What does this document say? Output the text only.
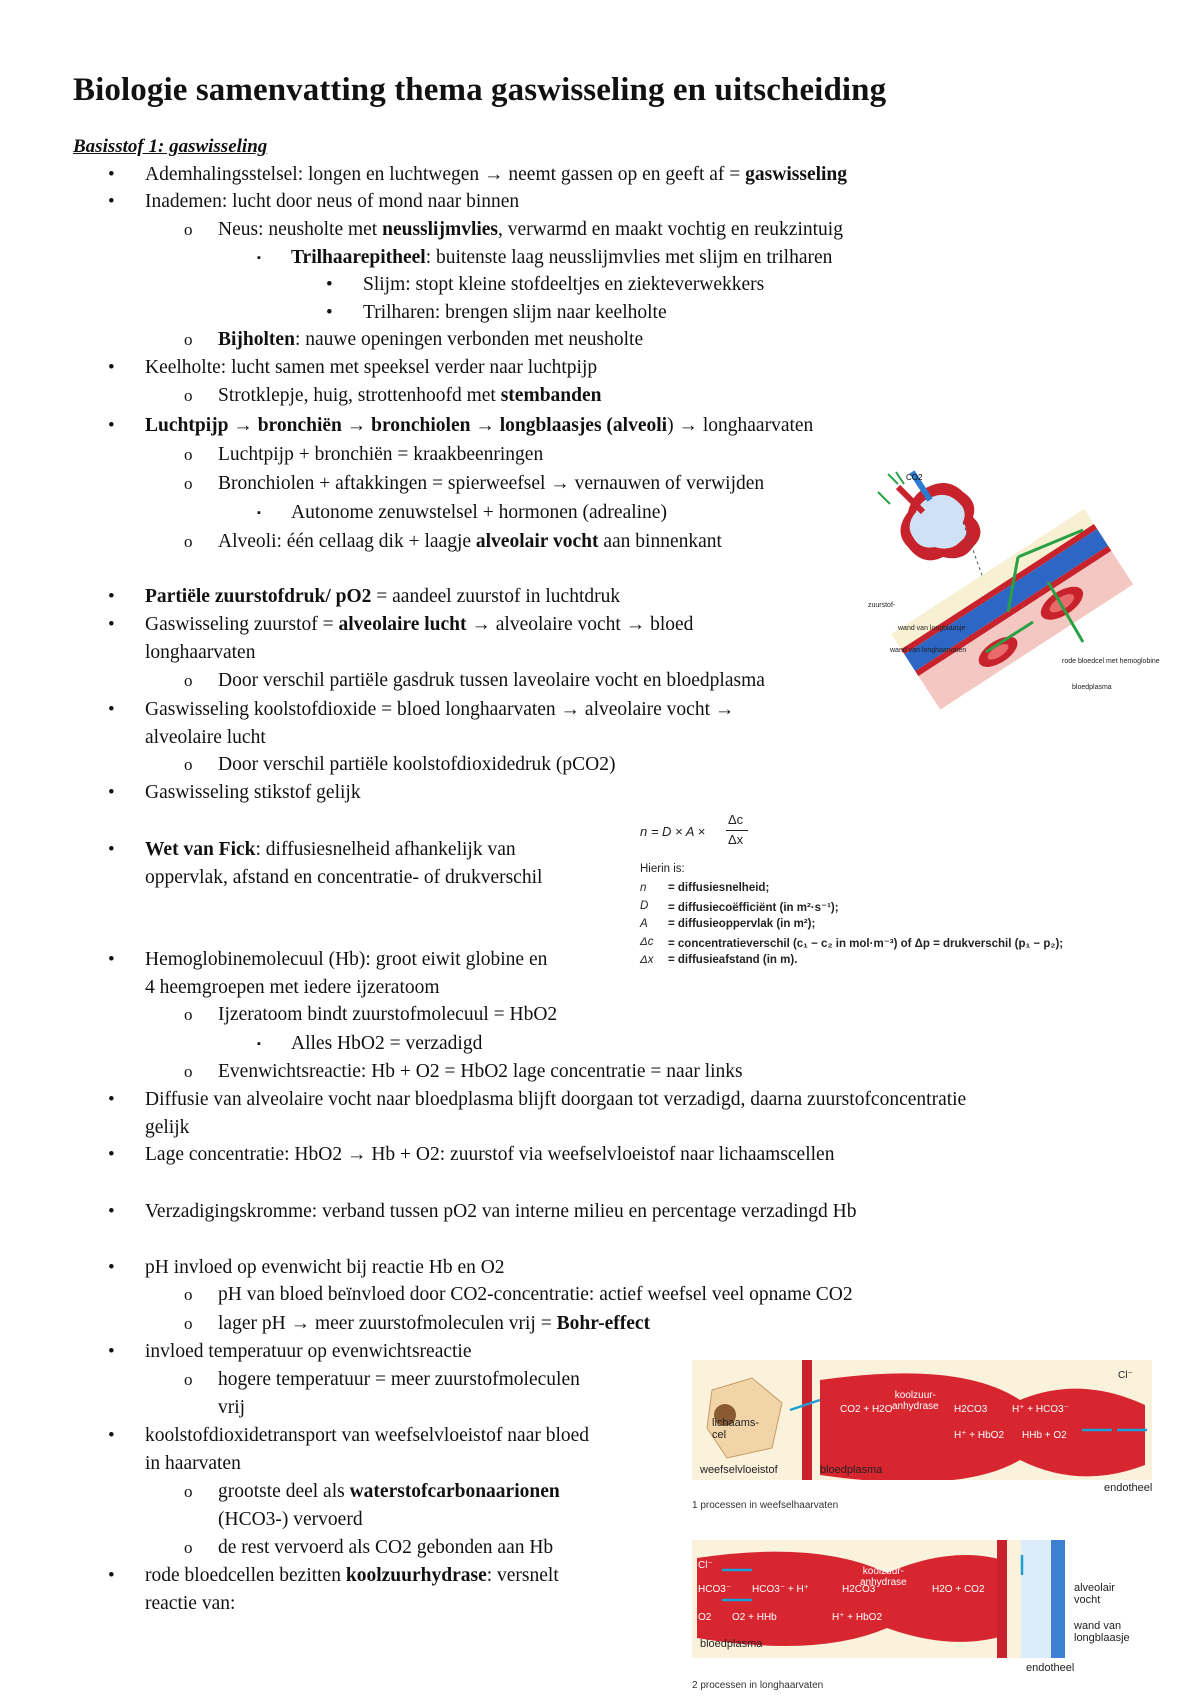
Biologie samenvatting thema gaswisseling en uitscheiding
Basisstof 1: gaswisseling
• Ademhalingsstelsel: longen en luchtwegen → neemt gassen op en geeft af = gaswisseling
• Inademen: lucht door neus of mond naar binnen
o Neus: neusholte met neusslijmvlies, verwarmd en maakt vochtig en reukzintuig
▪ Trilhaarepitheel: buitenste laag neusslijmvlies met slijm en trilharen
• Slijm: stopt kleine stofdeeltjes en ziekteverwekkers
• Trilharen: brengen slijm naar keelholte
o Bijholten: nauwe openingen verbonden met neusholte
• Keelholte: lucht samen met speeksel verder naar luchtpijp
o Strotklepje, huig, strottenhoofd met stembanden
• Luchtpijp → bronchiën → bronchiolen → longblaasjes (alveoli) → longhaarvaten
o Luchtpijp + bronchiën = kraakbeenringen
o Bronchiolen + aftakkingen = spierweefsel → vernauwen of verwijden
▪ Autonome zenuwstelsel + hormonen (adrealine)
o Alveoli: één cellaag dik + laagje alveolair vocht aan binnenkant
• Partiële zuurstofdruk/ pO2 = aandeel zuurstof in luchtdruk
• Gaswisseling zuurstof = alveolaire lucht → alveolaire vocht → bloed
longhaarvaten
o Door verschil partiële gasdruk tussen laveolaire vocht en bloedplasma
• Gaswisseling koolstofdioxide = bloed longhaarvaten → alveolaire vocht →
alveolaire lucht
o Door verschil partiële koolstofdioxidedruk (pCO2)
• Gaswisseling stikstof gelijk
• Wet van Fick: diffusiesnelheid afhankelijk van
oppervlak, afstand en concentratie- of drukverschil
• Hemoglobinemolecuul (Hb): groot eiwit globine en
4 heemgroepen met iedere ijzeratoom
o Ijzeratoom bindt zuurstofmolecuul = HbO2
▪ Alles HbO2 = verzadigd
o Evenwichtsreactie: Hb + O2 = HbO2 lage concentratie = naar links
• Diffusie van alveolaire vocht naar bloedplasma blijft doorgaan tot verzadigd, daarna zuurstofconcentratie
gelijk
• Lage concentratie: HbO2 → Hb + O2: zuurstof via weefselvloeistof naar lichaamscellen
• Verzadigingskromme: verband tussen pO2 van interne milieu en percentage verzadingd Hb
• pH invloed op evenwicht bij reactie Hb en O2
o pH van bloed beïnvloed door CO2-concentratie: actief weefsel veel opname CO2
o lager pH → meer zuurstofmoleculen vrij = Bohr-effect
• invloed temperatuur op evenwichtsreactie
o hogere temperatuur = meer zuurstofmoleculen
vrij
• koolstofdioxidetransport van weefselvloeistof naar bloed
in haarvaten
o grootste deel als waterstofcarbonaarionen
(HCO3-) vervoerd
o de rest vervoerd als CO2 gebonden aan Hb
• rode bloedcellen bezitten koolzuurhydrase: versnelt
reactie van:
CO2
zuurstof-
wand van longblaasje
wand van longhaarvaten
rode bloedcel met hemoglobine
bloedplasma
n = D × A ×
Δc
Δx
Hierin is:
n = diffusiesnelheid;
D = diffusiecoëfficiënt (in m²·s⁻¹);
A = diffusieoppervlak (in m²);
Δc = concentratieverschil (c₁ − c₂ in mol·m⁻³) of Δp = drukverschil (p₁ − p₂);
Δx = diffusieafstand (in m).
lichaams-
cel
weefselvloeistof	bloedplasma
endotheel
koolzuur-
anhydrase
CO2 + H2O	H2CO3 H⁺ + HCO3⁻
H⁺ + HbO2 HHb + O2
Cl⁻
1 processen in weefselhaarvaten
bloedplasma
alveolair
vocht
wand van
longblaasje
endotheel
koolzuur-
anhydrase
Cl⁻
HCO3⁻ HCO3⁻ + H⁺	H2CO3	H2O + CO2
O2 O2 + HHb	H⁺ + HbO2
2 processen in longhaarvaten
